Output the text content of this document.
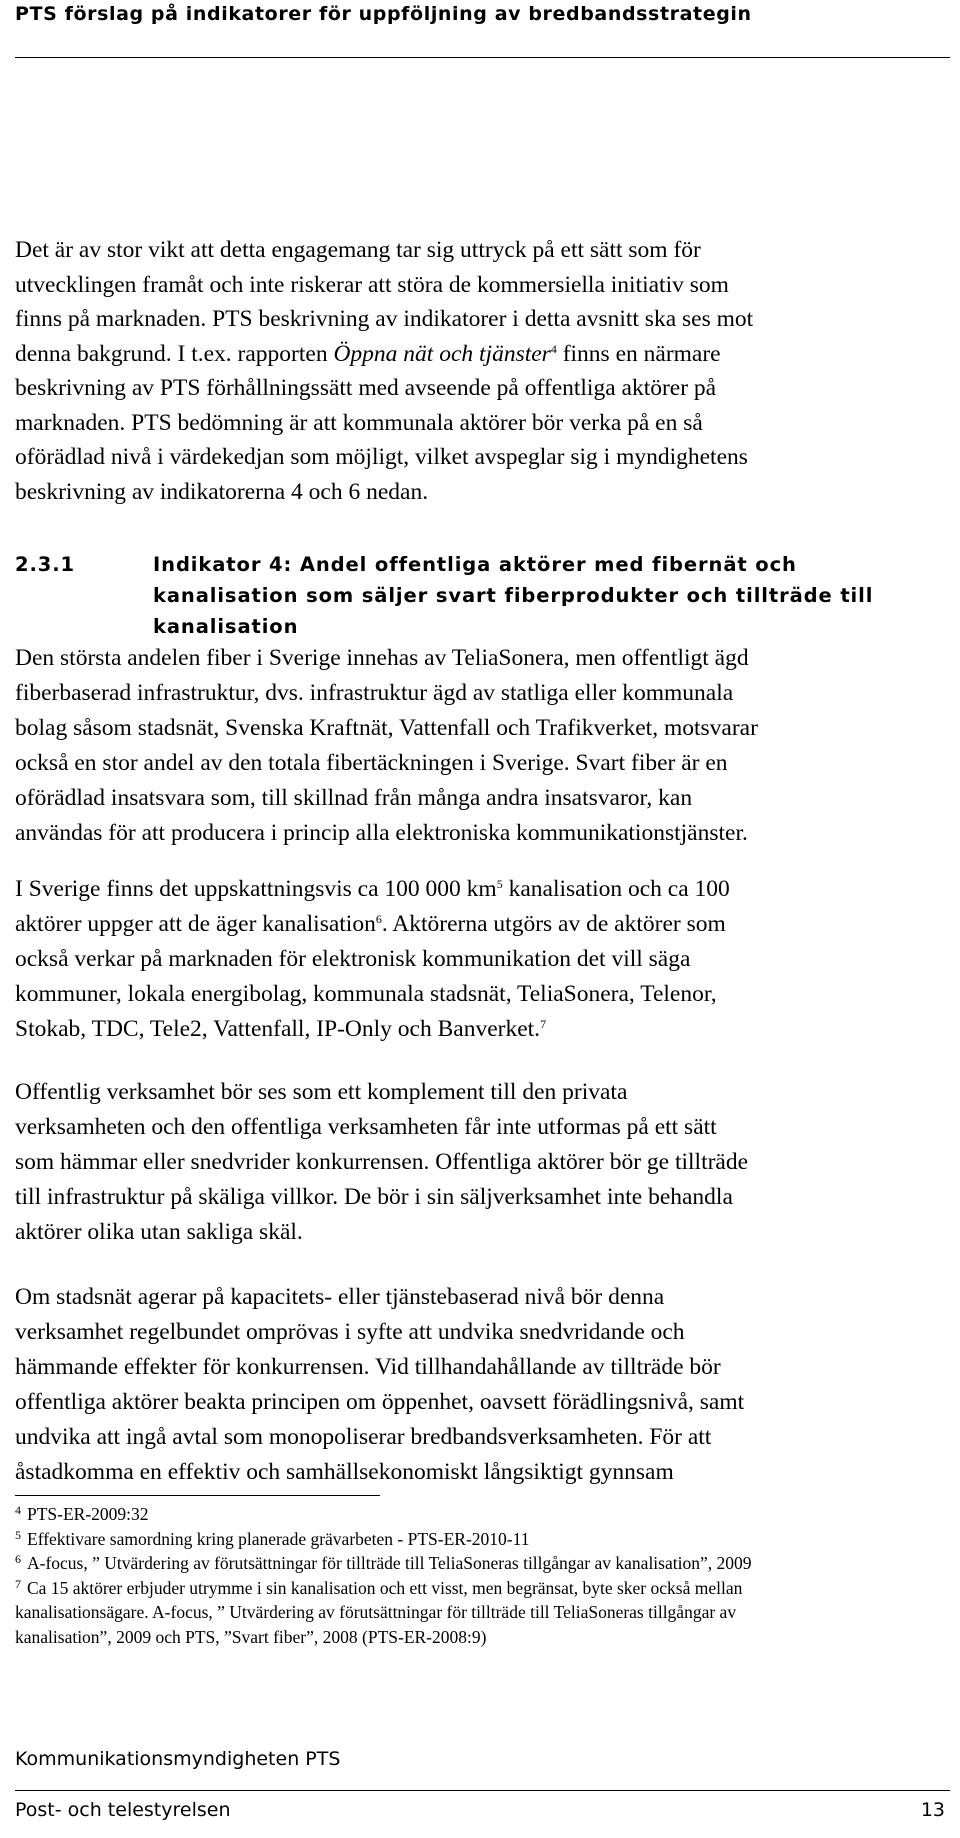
PTS förslag på indikatorer för uppföljning av bredbandsstrategin
Det är av stor vikt att detta engagemang tar sig uttryck på ett sätt som för
utvecklingen framåt och inte riskerar att störa de kommersiella initiativ som
finns på marknaden. PTS beskrivning av indikatorer i detta avsnitt ska ses mot
denna bakgrund. I t.ex. rapporten Öppna nät och tjänster$^4$ finns en närmare
beskrivning av PTS förhållningssätt med avseende på offentliga aktörer på
marknaden. PTS bedömning är att kommunala aktörer bör verka på en så
oförädlad nivå i värdekedjan som möjligt, vilket avspeglar sig i myndighetens
beskrivning av indikatorerna 4 och 6 nedan.
2.3.1	Indikator 4: Andel offentliga aktörer med fibernät och
kanalisation som säljer svart fiberprodukter och tillträde till
kanalisation
Den största andelen fiber i Sverige innehas av TeliaSonera, men offentligt ägd
fiberbaserad infrastruktur, dvs. infrastruktur ägd av statliga eller kommunala
bolag såsom stadsnät, Svenska Kraftnät, Vattenfall och Trafikverket, motsvarar
också en stor andel av den totala fibertäckningen i Sverige. Svart fiber är en
oförädlad insatsvara som, till skillnad från många andra insatsvaror, kan
användas för att producera i princip alla elektroniska kommunikationstjänster.
I Sverige finns det uppskattningsvis ca 100 000 km$^5$ kanalisation och ca 100
aktörer uppger att de äger kanalisation$^6$. Aktörerna utgörs av de aktörer som
också verkar på marknaden för elektronisk kommunikation det vill säga
kommuner, lokala energibolag, kommunala stadsnät, TeliaSonera, Telenor,
Stokab, TDC, Tele2, Vattenfall, IP-Only och Banverket.$^7$
Offentlig verksamhet bör ses som ett komplement till den privata
verksamheten och den offentliga verksamheten får inte utformas på ett sätt
som hämmar eller snedvrider konkurrensen. Offentliga aktörer bör ge tillträde
till infrastruktur på skäliga villkor. De bör i sin säljverksamhet inte behandla
aktörer olika utan sakliga skäl.
Om stadsnät agerar på kapacitets- eller tjänstebaserad nivå bör denna
verksamhet regelbundet omprövas i syfte att undvika snedvridande och
hämmande effekter för konkurrensen. Vid tillhandahållande av tillträde bör
offentliga aktörer beakta principen om öppenhet, oavsett förädlingsnivå, samt
undvika att ingå avtal som monopoliserar bredbandsverksamheten. För att
åstadkomma en effektiv och samhällsekonomiskt långsiktigt gynnsam
$^4$ PTS-ER-2009:32
$^5$ Effektivare samordning kring planerade grävarbeten - PTS-ER-2010-11
$^6$ A-focus, ” Utvärdering av förutsättningar för tillträde till TeliaSoneras tillgångar av kanalisation”, 2009
$^7$ Ca 15 aktörer erbjuder utrymme i sin kanalisation och ett visst, men begränsat, byte sker också mellan
kanalisationsägare. A-focus, ” Utvärdering av förutsättningar för tillträde till TeliaSoneras tillgångar av
kanalisation”, 2009 och PTS, ”Svart fiber”, 2008 (PTS-ER-2008:9)
Kommunikationsmyndigheten PTS
Post- och telestyrelsen	13
